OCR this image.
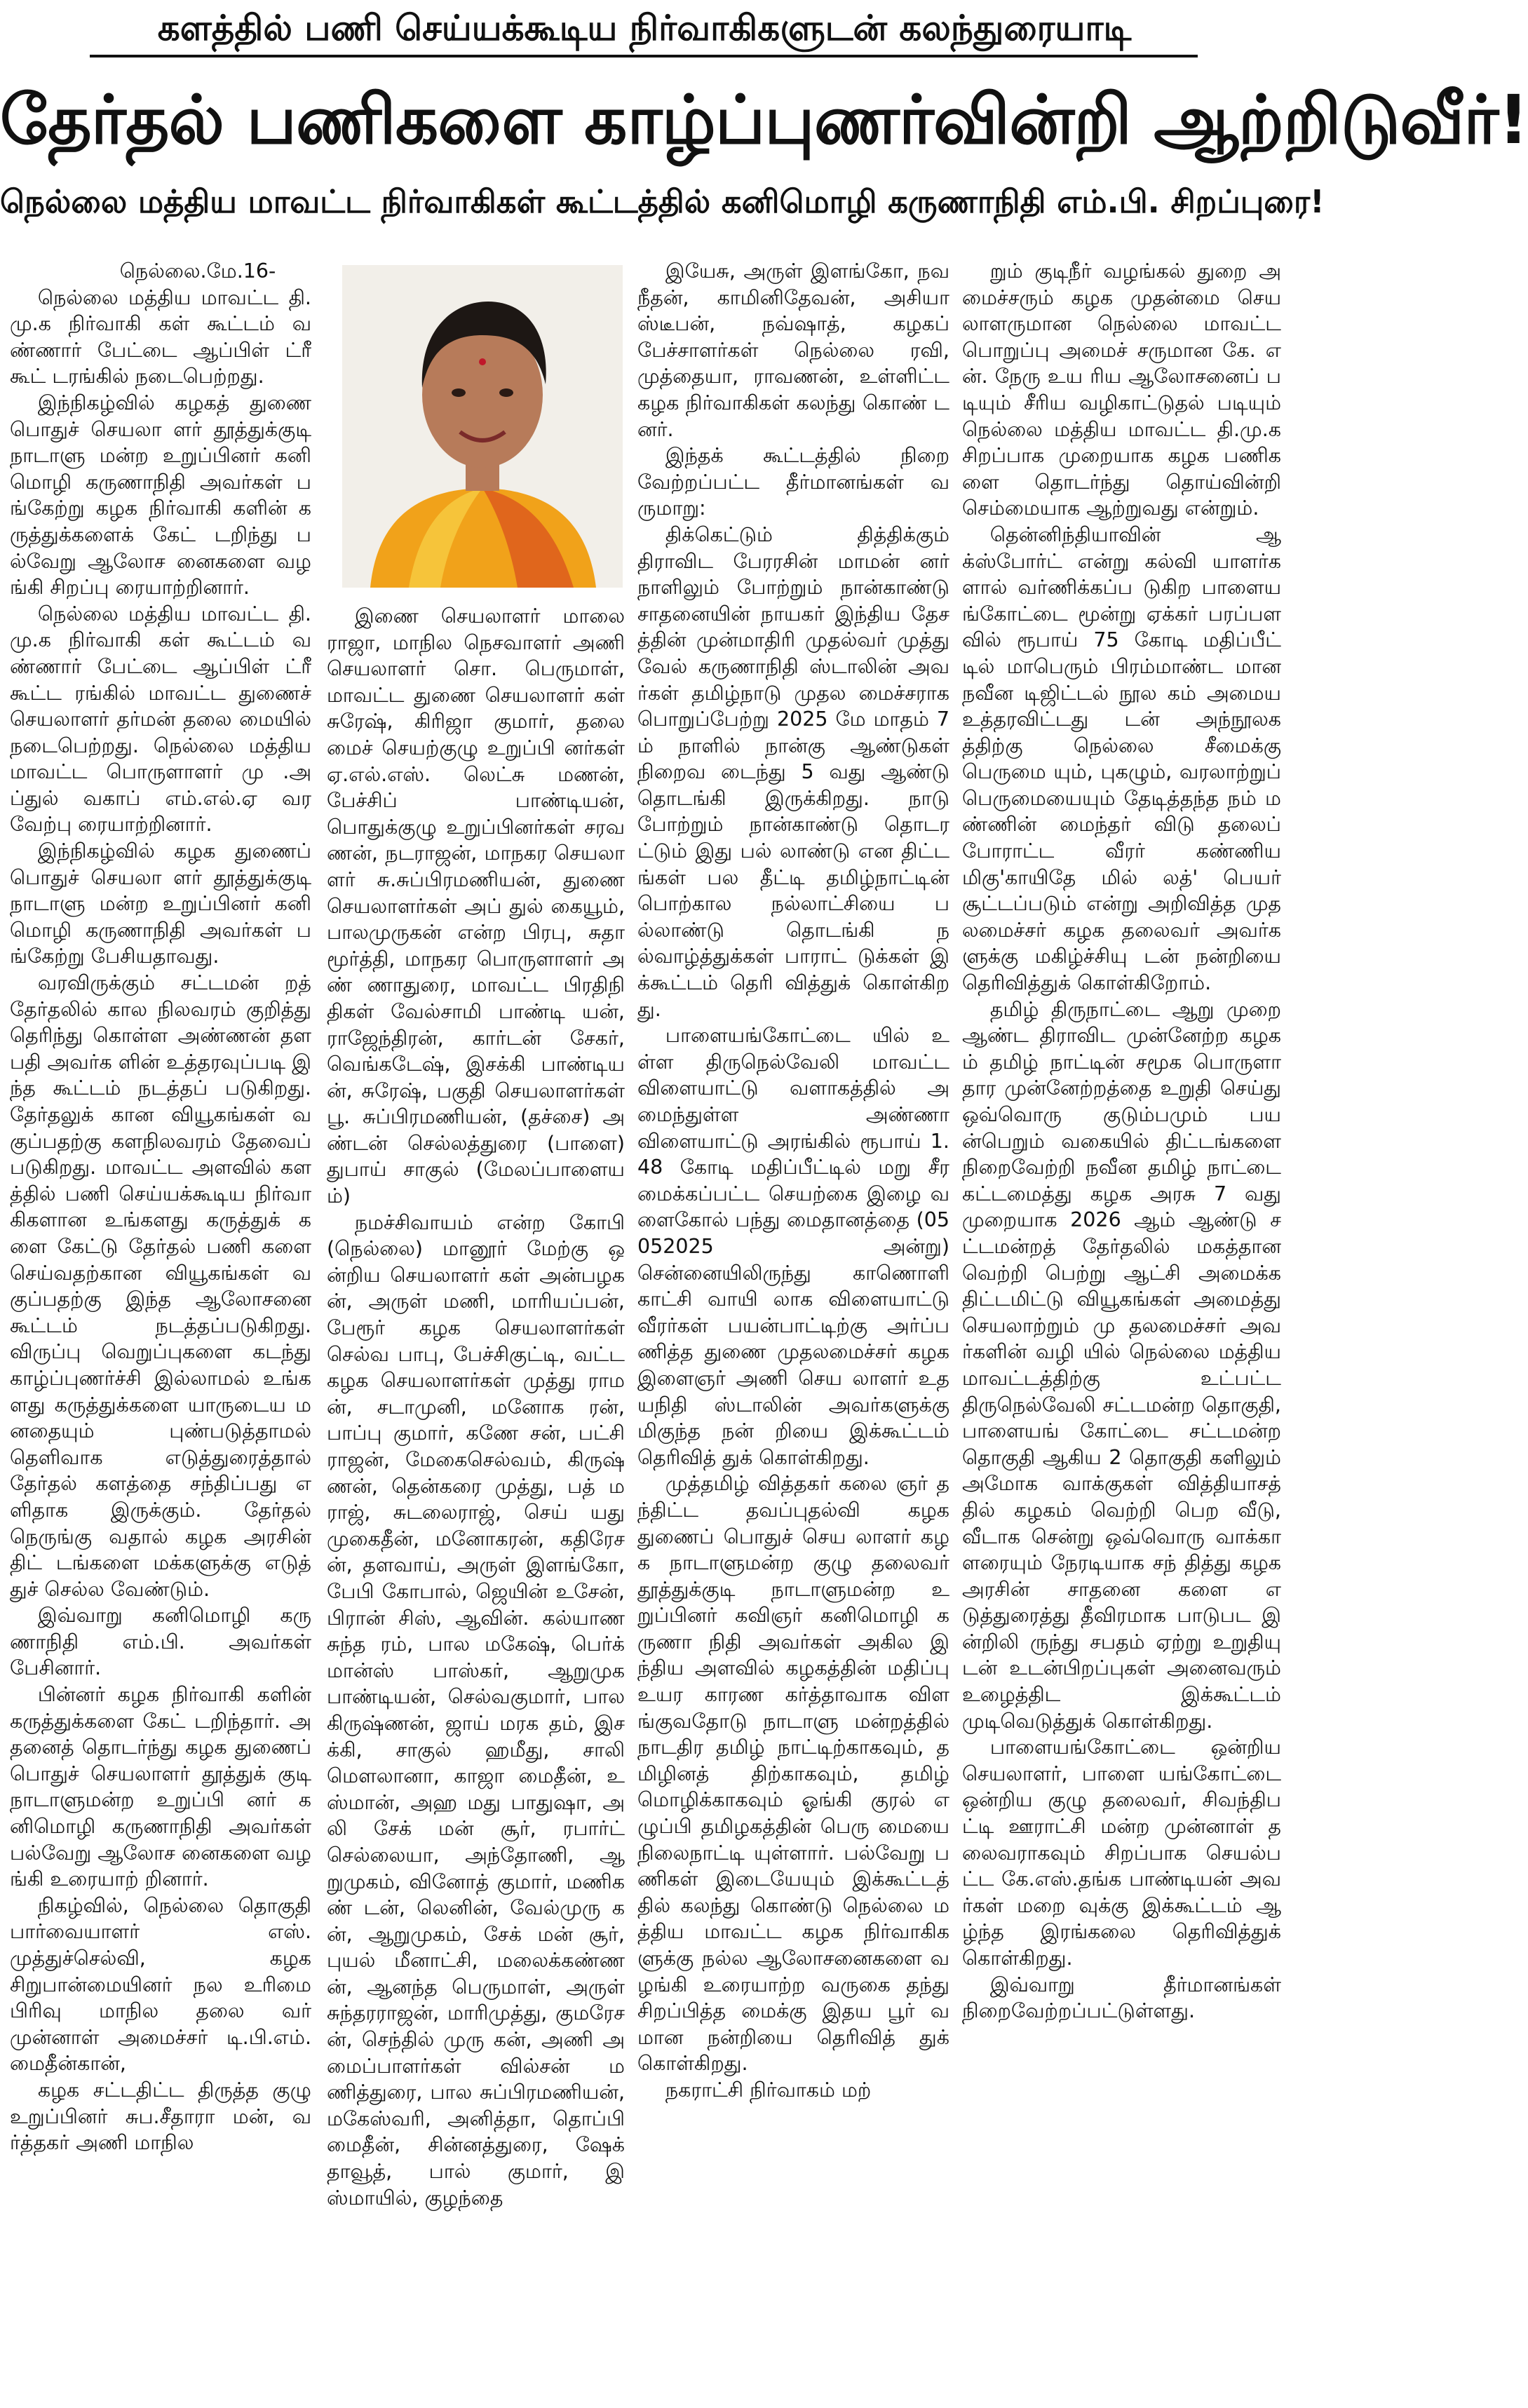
களத்தில் பணி செய்யக்கூடிய நிர்வாகிகளுடன் கலந்துரையாடி
தேர்தல் பணிகளை காழ்ப்புணர்வின்றி ஆற்றிடுவீர்!
நெல்லை மத்திய மாவட்ட நிர்வாகிகள் கூட்டத்தில் கனிமொழி கருணாநிதி எம்.பி. சிறப்புரை!

நெல்லை.மே.16-

நெல்லை மத்திய மாவட்ட தி.மு.க நிர்வாகி கள் கூட்டம் வண்ணார் பேட்டை ஆப்பிள் ட்ரீ கூட் டரங்கில் நடைபெற்றது.

இந்நிகழ்வில் கழகத் துணை பொதுச் செயலா ளர் தூத்துக்குடி நாடாளு மன்ற உறுப்பினர் கனி மொழி கருணாநிதி அவர்கள் பங்கேற்று கழக நிர்வாகி களின் கருத்துக்களைக் கேட் டறிந்து பல்வேறு ஆலோச னைகளை வழங்கி சிறப்பு ரையாற்றினார்.

நெல்லை மத்திய மாவட்ட தி.மு.க நிர்வாகி கள் கூட்டம் வண்ணார் பேட்டை ஆப்பிள் ட்ரீ கூட்ட ரங்கில் மாவட்ட துணைச் செயலாளர் தர்மன் தலை மையில் நடைபெற்றது. நெல்லை மத்திய மாவட்ட பொருளாளர் மு .அப்துல் வகாப் எம்.எல்.ஏ வரவேற்பு ரையாற்றினார்.

இந்நிகழ்வில் கழக துணைப் பொதுச் செயலா ளர் தூத்துக்குடி நாடாளு மன்ற உறுப்பினர் கனி மொழி கருணாநிதி அவர்கள் பங்கேற்று பேசியதாவது.

வரவிருக்கும் சட்டமன் றத் தேர்தலில் கால நிலவரம் குறித்து தெரிந்து கொள்ள அண்ணன் தளபதி அவர்க ளின் உத்தரவுப்படி இந்த கூட்டம் நடத்தப் படுகிறது. தேர்தலுக் கான வியூகங்கள் வகுப்பதற்கு களநிலவரம் தேவைப் படுகிறது. மாவட்ட அளவில் களத்தில் பணி செய்யக்கூடிய நிர்வா கிகளான உங்களது கருத்துக் களை கேட்டு தேர்தல் பணி களை செய்வதற்கான வியூகங்கள் வகுப்பதற்கு இந்த ஆலோசனை கூட்டம் நடத்தப்படுகிறது. விருப்பு வெறுப்புகளை கடந்து காழ்ப்புணர்ச்சி இல்லாமல் உங்களது கருத்துக்களை யாருடைய மனதையும் புண்படுத்தாமல் தெளிவாக எடுத்துரைத்தால் தேர்தல் களத்தை சந்திப்பது எளிதாக இருக்கும். தேர்தல் நெருங்கு வதால் கழக அரசின் திட் டங்களை மக்களுக்கு எடுத் துச் செல்ல வேண்டும்.

இவ்வாறு கனிமொழி கரு ணாநிதி எம்.பி. அவர்கள் பேசினார்.

பின்னர் கழக நிர்வாகி களின் கருத்துக்களை கேட் டறிந்தார். அதனைத் தொடர்ந்து கழக துணைப் பொதுச் செயலாளர் தூத்துக் குடி நாடாளுமன்ற உறுப்பி னர் கனிமொழி கருணாநிதி அவர்கள் பல்வேறு ஆலோச னைகளை வழங்கி உரையாற் றினார்.

நிகழ்வில், நெல்லை தொகுதி பார்வையாளர் எஸ்.முத்துச்செல்வி, கழக சிறுபான்மையினர் நல உரிமை பிரிவு மாநில தலை வர் முன்னாள் அமைச்சர் டி.பி.எம்.மைதீன்கான்,

கழக சட்டதிட்ட திருத்த குழு உறுப்பினர் சுப.சீதாரா மன், வர்த்தகர் அணி மாநில

இணை செயலாளர் மாலை ராஜா, மாநில நெசவாளர் அணி செயலாளர் சொ. பெருமாள், மாவட்ட துணை செயலாளர் கள் சுரேஷ், கிரிஜா குமார், தலை மைச் செயற்குழு உறுப்பி னர்கள் ஏ.எல்.எஸ். லெட்சு மணன், பேச்சிப் பாண்டியன், பொதுக்குழு உறுப்பினர்கள் சரவணன், நடராஜன், மாநகர செயலா ளர் சு.சுப்பிரமணியன், துணை செயலாளர்கள் அப் துல் கையூம், பாலமுருகன் என்ற பிரபு, சுதா மூர்த்தி, மாநகர பொருளாளர் அண் ணாதுரை, மாவட்ட பிரதிநி திகள் வேல்சாமி பாண்டி யன், ராஜேந்திரன், கார்டன் சேகர், வெங்கடேஷ், இசக்கி பாண்டியன், சுரேஷ், பகுதி செயலாளர்கள் பூ. சுப்பிரமணியன், (தச்சை) அண்டன் செல்லத்துரை (பாளை) துபாய் சாகுல் (மேலப்பாளையம்)

நமச்சிவாயம் என்ற கோபி (நெல்லை) மானூர் மேற்கு ஒன்றிய செயலாளர் கள் அன்பழகன், அருள் மணி, மாரியப்பன், பேரூர் கழக செயலாளர்கள் செல்வ பாபு, பேச்சிகுட்டி, வட்ட கழக செயலாளர்கள் முத்து ராமன், சடாமுனி, மனோக ரன், பாப்பு குமார், கணே சன், பட்சி ராஜன், மேகைசெல்வம், கிருஷ் ணன், தென்கரை முத்து, பத் மராஜ், சுடலைராஜ், செய் யது முகைதீன், மனோகரன், கதிரேசன், தளவாய், அருள் இளங்கோ, பேபி கோபால், ஜெயின் உசேன், பிரான் சிஸ், ஆவின். கல்யாணசுந்த ரம், பால மகேஷ், பெர்க் மான்ஸ் பாஸ்கர், ஆறுமுக பாண்டியன், செல்வகுமார், பாலகிருஷ்ணன், ஜாய் மரக தம், இசக்கி, சாகுல் ஹமீது, சாலி மௌலானா, காஜா மைதீன், உஸ்மான், அஹ மது பாதுஷா, அலி சேக் மன் சூர், ரபார்ட் செல்லையா, அந்தோணி, ஆறுமுகம், வினோத் குமார், மணிகண் டன், லெனின், வேல்முரு கன், ஆறுமுகம், சேக் மன் சூர், புயல் மீனாட்சி, மலைக்கண்ணன், ஆனந்த பெருமாள், அருள் சுந்தரராஜன், மாரிமுத்து, குமரேசன், செந்தில் முரு கன், அணி அமைப்பாளர்கள் வில்சன் மணித்துரை, பால சுப்பிரமணியன், மகேஸ்வரி, அனித்தா, தொப்பி மைதீன், சின்னத்துரை, ஷேக் தாவூத், பால் குமார், இஸ்மாயில், குழந்தை

இயேசு, அருள் இளங்கோ, நவநீதன், காமினிதேவன், அசியா ஸ்டீபன், நவ்ஷாத், கழகப் பேச்சாளர்கள் நெல்லை ரவி, முத்தையா, ராவணன், உள்ளிட்ட கழக நிர்வாகிகள் கலந்து கொண் டனர்.

இந்தக் கூட்டத்தில் நிறை வேற்றப்பட்ட தீர்மானங்கள் வருமாறு:

திக்கெட்டும் தித்திக்கும் திராவிட பேரரசின் மாமன் னர் நாளிலும் போற்றும் நான்காண்டு சாதனையின் நாயகர் இந்திய தேசத்தின் முன்மாதிரி முதல்வர் முத்து வேல் கருணாநிதி ஸ்டாலின் அவர்கள் தமிழ்நாடு முதல மைச்சராக பொறுப்பேற்று 2025 மே மாதம் 7ம் நாளில் நான்கு ஆண்டுகள் நிறைவ டைந்து 5 வது ஆண்டு தொடங்கி இருக்கிறது. நாடு போற்றும் நான்காண்டு தொடரட்டும் இது பல் லாண்டு என திட்டங்கள் பல தீட்டி தமிழ்நாட்டின் பொற்கால நல்லாட்சியை பல்லாண்டு தொடங்கி நல்வாழ்த்துக்கள் பாராட் டுக்கள் இக்கூட்டம் தெரி வித்துக் கொள்கிறது.

பாளையங்கோட்டை யில் உள்ள திருநெல்வேலி மாவட்ட விளையாட்டு வளாகத்தில் அமைந்துள்ள அண்ணா விளையாட்டு அரங்கில் ரூபாய் 1.48 கோடி மதிப்பீட்டில் மறு சீரமைக்கப்பட்ட செயற்கை இழை வளைகோல் பந்து மைதானத்தை (05052025 அன்று) சென்னையிலிருந்து காணொளி காட்சி வாயி லாக விளையாட்டு வீரர்கள் பயன்பாட்டிற்கு அர்ப்ப ணித்த துணை முதலமைச்சர் கழக இளைஞர் அணி செய லாளர் உதயநிதி ஸ்டாலின் அவர்களுக்கு மிகுந்த நன் றியை இக்கூட்டம் தெரிவித் துக் கொள்கிறது.

முத்தமிழ் வித்தகர் கலை ஞர் தந்திட்ட தவப்புதல்வி கழக துணைப் பொதுச் செய லாளர் கழக நாடாளுமன்ற குழு தலைவர் தூத்துக்குடி நாடாளுமன்ற உறுப்பினர் கவிஞர் கனிமொழி கருணா நிதி அவர்கள் அகில இந்திய அளவில் கழகத்தின் மதிப்பு உயர காரண கர்த்தாவாக விளங்குவதோடு நாடாளு மன்றத்தில் நாடதிர தமிழ் நாட்டிற்காகவும், தமிழினத் திற்காகவும், தமிழ் மொழிக்காகவும் ஓங்கி குரல் எழுப்பி தமிழகத்தின் பெரு மையை நிலைநாட்டி யுள்ளார். பல்வேறு பணிகள் இடையேயும் இக்கூட்டத் தில் கலந்து கொண்டு நெல்லை மத்திய மாவட்ட கழக நிர்வாகிகளுக்கு நல்ல ஆலோசனைகளை வழங்கி உரையாற்ற வருகை தந்து சிறப்பித்த மைக்கு இதய பூர் வமான நன்றியை தெரிவித் துக் கொள்கிறது.

நகராட்சி நிர்வாகம் மற்

றும் குடிநீர் வழங்கல் துறை அமைச்சரும் கழக முதன்மை செயலாளருமான நெல்லை மாவட்ட பொறுப்பு அமைச் சருமான கே. என். நேரு உய ரிய ஆலோசனைப் படியும் சீரிய வழிகாட்டுதல் படியும் நெல்லை மத்திய மாவட்ட தி.மு.க சிறப்பாக முறையாக கழக பணிகளை தொடர்ந்து தொய்வின்றி செம்மையாக ஆற்றுவது என்றும்.

தென்னிந்தியாவின் ஆக்ஸ்போர்ட் என்று கல்வி யாளர்களால் வர்ணிக்கப்ப டுகிற பாளையங்கோட்டை மூன்று ஏக்கர் பரப்பளவில் ரூபாய் 75 கோடி மதிப்பீட் டில் மாபெரும் பிரம்மாண்ட மான நவீன டிஜிட்டல் நூல கம் அமைய உத்தரவிட்டது டன் அந்நூலகத்திற்கு நெல்லை சீமைக்கு பெருமை யும், புகழும், வரலாற்றுப் பெருமையையும் தேடித்தந்த நம் மண்ணின் மைந்தர் விடு தலைப் போராட்ட வீரர் கண்ணியமிகு'காயிதே மில் லத்' பெயர் சூட்டப்படும் என்று அறிவித்த முதலமைச்சர் கழக தலைவர் அவர்களுக்கு மகிழ்ச்சியு டன் நன்றியை தெரிவித்துக் கொள்கிறோம்.

தமிழ் திருநாட்டை ஆறு முறை ஆண்ட திராவிட முன்னேற்ற கழகம் தமிழ் நாட்டின் சமூக பொருளா தார முன்னேற்றத்தை உறுதி செய்து ஒவ்வொரு குடும்பமும் பயன்பெறும் வகையில் திட்டங்களை நிறைவேற்றி நவீன தமிழ் நாட்டை கட்டமைத்து கழக அரசு 7 வது முறையாக 2026 ஆம் ஆண்டு சட்டமன்றத் தேர்தலில் மகத்தான வெற்றி பெற்று ஆட்சி அமைக்க திட்டமிட்டு வியூகங்கள் அமைத்து செயலாற்றும் மு தலமைச்சர் அவர்களின் வழி யில் நெல்லை மத்திய மாவட்டத்திற்கு உட்பட்ட திருநெல்வேலி சட்டமன்ற தொகுதி, பாளையங் கோட்டை சட்டமன்ற தொகுதி ஆகிய 2 தொகுதி களிலும் அமோக வாக்குகள் வித்தியாசத் தில் கழகம் வெற்றி பெற வீடு, வீடாக சென்று ஒவ்வொரு வாக்கா ளரையும் நேரடியாக சந் தித்து கழக அரசின் சாதனை களை எடுத்துரைத்து தீவிரமாக பாடுபட இன்றிலி ருந்து சபதம் ஏற்று உறுதியு டன் உடன்பிறப்புகள் அனைவரும் உழைத்திட இக்கூட்டம் முடிவெடுத்துக் கொள்கிறது.

பாளையங்கோட்டை ஒன்றிய செயலாளர், பாளை யங்கோட்டை ஒன்றிய குழு தலைவர், சிவந்திபட்டி ஊராட்சி மன்ற முன்னாள் தலைவராகவும் சிறப்பாக செயல்பட்ட கே.எஸ்.தங்க பாண்டியன் அவர்கள் மறை வுக்கு இக்கூட்டம் ஆழ்ந்த இரங்கலை தெரிவித்துக் கொள்கிறது.

இவ்வாறு தீர்மானங்கள் நிறைவேற்றப்பட்டுள்ளது.
